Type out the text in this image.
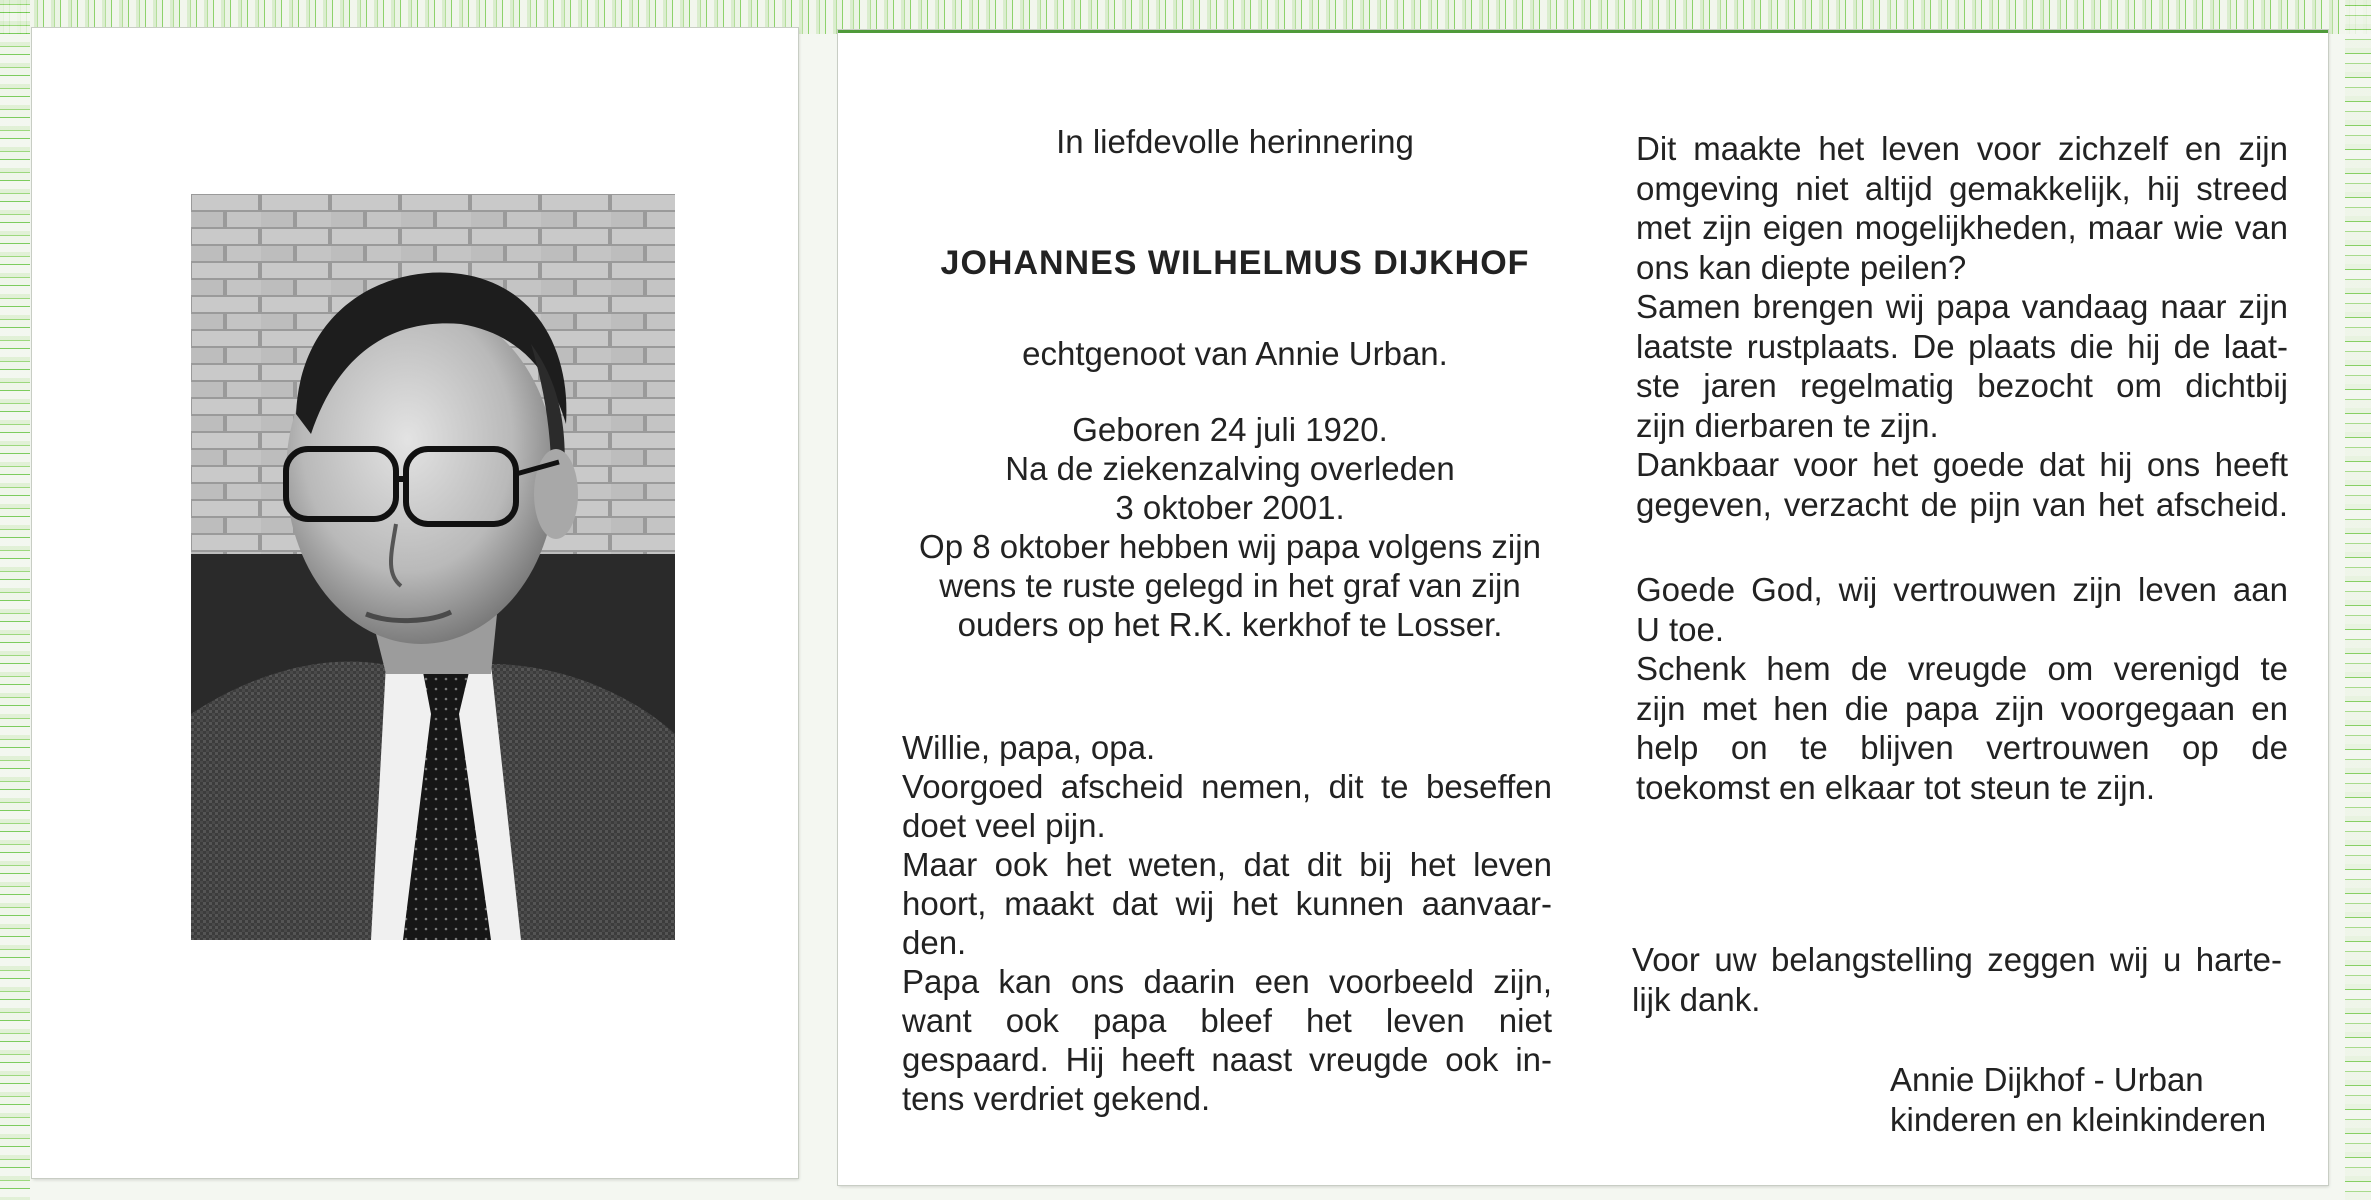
In liefdevolle herinnering
JOHANNES WILHELMUS DIJKHOF
echtgenoot van Annie Urban.
Geboren 24 juli 1920.
Na de ziekenzalving overleden
3 oktober 2001.
Op 8 oktober hebben wij papa volgens zijn
wens te ruste gelegd in het graf van zijn
ouders op het R.K. kerkhof te Losser.
Willie, papa, opa.
Voorgoed afscheid nemen, dit te beseffen
doet veel pijn.
Maar ook het weten, dat dit bij het leven
hoort, maakt dat wij het kunnen aanvaar-
den.
Papa kan ons daarin een voorbeeld zijn,
want ook papa bleef het leven niet
gespaard. Hij heeft naast vreugde ook in-
tens verdriet gekend.
Dit maakte het leven voor zichzelf en zijn
omgeving niet altijd gemakkelijk, hij streed
met zijn eigen mogelijkheden, maar wie van
ons kan diepte peilen?
Samen brengen wij papa vandaag naar zijn
laatste rustplaats. De plaats die hij de laat-
ste jaren regelmatig bezocht om dichtbij
zijn dierbaren te zijn.
Dankbaar voor het goede dat hij ons heeft
gegeven, verzacht de pijn van het afscheid.
Goede God, wij vertrouwen zijn leven aan
U toe.
Schenk hem de vreugde om verenigd te
zijn met hen die papa zijn voorgegaan en
help on te blijven vertrouwen op de
toekomst en elkaar tot steun te zijn.
Voor uw belangstelling zeggen wij u harte-
lijk dank.
Annie Dijkhof - Urban
kinderen en kleinkinderen
